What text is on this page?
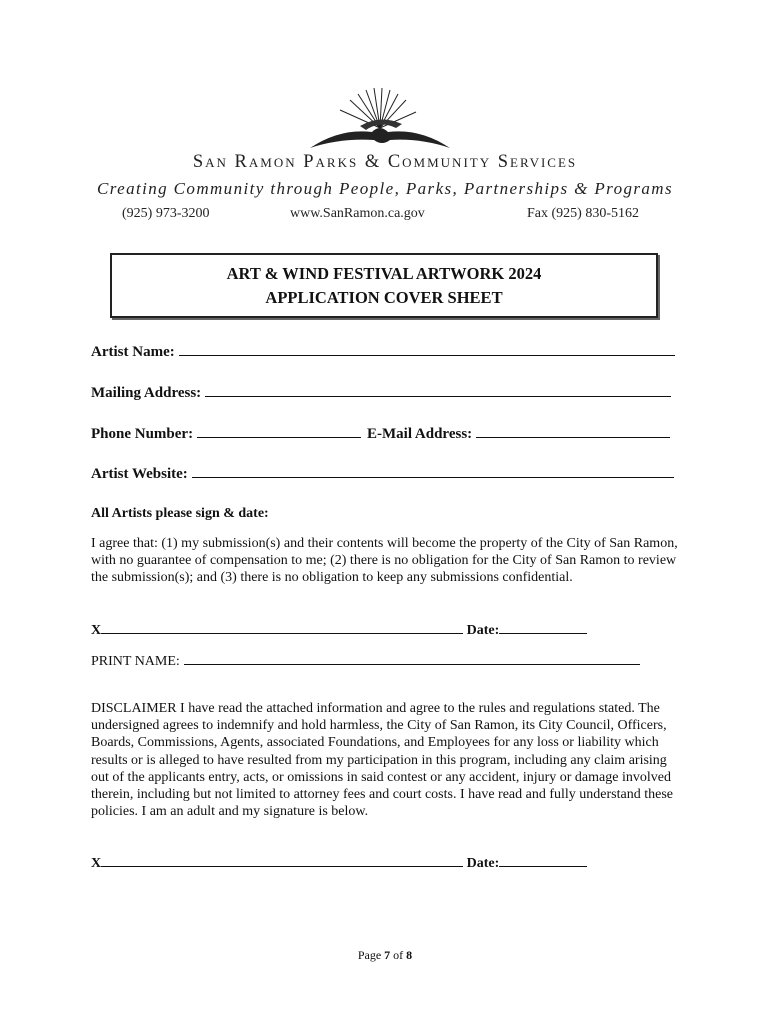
San Ramon Parks & Community Services
Creating Community through People, Parks, Partnerships & Programs
(925) 973-3200	www.SanRamon.ca.gov	Fax (925) 830-5162
ART & WIND FESTIVAL ARTWORK 2024
APPLICATION COVER SHEET
Artist Name:
Mailing Address:
Phone Number:	E-Mail Address:
Artist Website:
All Artists please sign & date:
I agree that: (1) my submission(s) and their contents will become the property of the City of San Ramon, with no guarantee of compensation to me; (2) there is no obligation for the City of San Ramon to review the submission(s); and (3) there is no obligation to keep any submissions confidential.
X	Date:
PRINT NAME:
DISCLAIMER I have read the attached information and agree to the rules and regulations stated. The undersigned agrees to indemnify and hold harmless, the City of San Ramon, its City Council, Officers, Boards, Commissions, Agents, associated Foundations, and Employees for any loss or liability which results or is alleged to have resulted from my participation in this program, including any claim arising out of the applicants entry, acts, or omissions in said contest or any accident, injury or damage involved therein, including but not limited to attorney fees and court costs. I have read and fully understand these policies. I am an adult and my signature is below.
X	Date:
Page 7 of 8
